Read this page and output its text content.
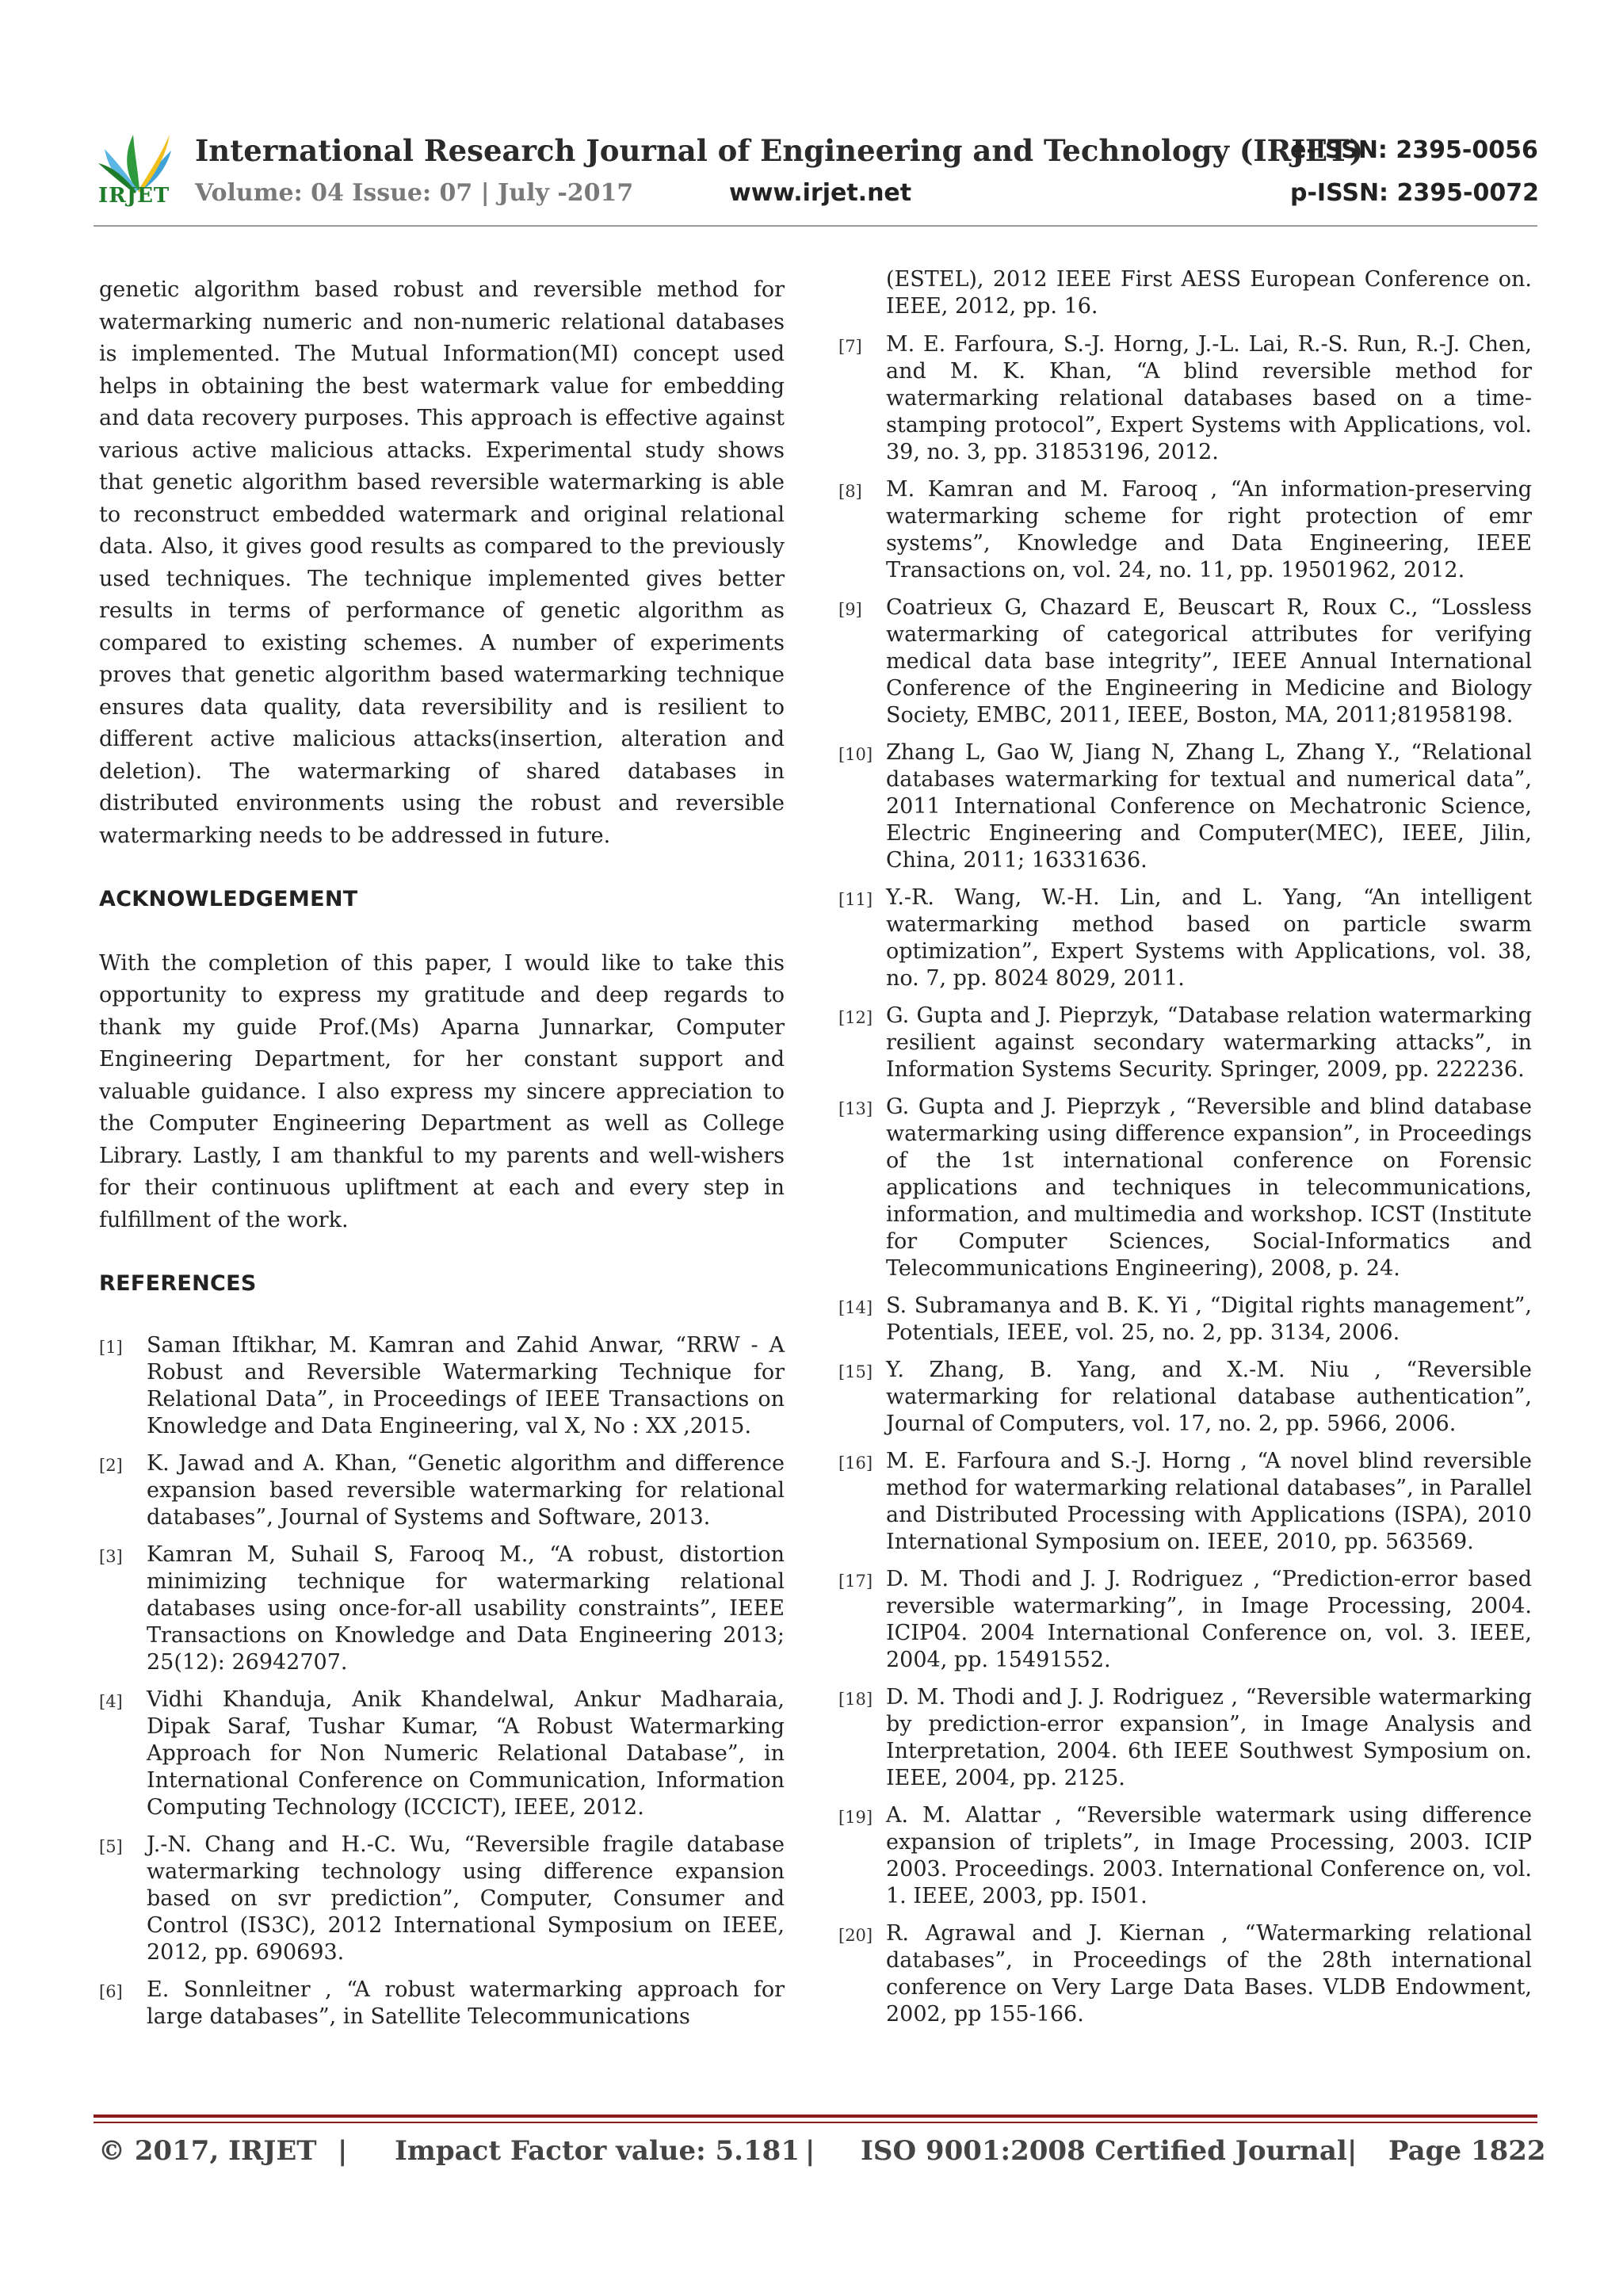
IRJET
International Research Journal of Engineering and Technology (IRJET)
e-ISSN: 2395-0056
Volume: 04 Issue: 07 | July -2017	www.irjet.net	p-ISSN: 2395-0072

genetic algorithm based robust and reversible method for watermarking numeric and non-numeric relational databases is implemented. The Mutual Information(MI) concept used helps in obtaining the best watermark value for embedding and data recovery purposes. This approach is effective against various active malicious attacks. Experimental study shows that genetic algorithm based reversible watermarking is able to reconstruct embedded watermark and original relational data. Also, it gives good results as compared to the previously used techniques. The technique implemented gives better results in terms of performance of genetic algorithm as compared to existing schemes. A number of experiments proves that genetic algorithm based watermarking technique ensures data quality, data reversibility and is resilient to different active malicious attacks(insertion, alteration and deletion). The watermarking of shared databases in distributed environments using the robust and reversible watermarking needs to be addressed in future.

ACKNOWLEDGEMENT

With the completion of this paper, I would like to take this opportunity to express my gratitude and deep regards to thank my guide Prof.(Ms) Aparna Junnarkar, Computer Engineering Department, for her constant support and valuable guidance. I also express my sincere appreciation to the Computer Engineering Department as well as College Library. Lastly, I am thankful to my parents and well-wishers for their continuous upliftment at each and every step in fulfillment of the work.

REFERENCES
[1] Saman Iftikhar, M. Kamran and Zahid Anwar, “RRW - A Robust and Reversible Watermarking Technique for Relational Data”, in Proceedings of IEEE Transactions on Knowledge and Data Engineering, val X, No : XX ,2015.
[2] K. Jawad and A. Khan, “Genetic algorithm and difference expansion based reversible watermarking for relational databases”, Journal of Systems and Software, 2013.
[3] Kamran M, Suhail S, Farooq M., “A robust, distortion minimizing technique for watermarking relational databases using once-for-all usability constraints”, IEEE Transactions on Knowledge and Data Engineering 2013; 25(12): 26942707.
[4] Vidhi Khanduja, Anik Khandelwal, Ankur Madharaia, Dipak Saraf, Tushar Kumar, “A Robust Watermarking Approach for Non Numeric Relational Database”, in International Conference on Communication, Information Computing Technology (ICCICT), IEEE, 2012.
[5] J.-N. Chang and H.-C. Wu, “Reversible fragile database watermarking technology using difference expansion based on svr prediction”, Computer, Consumer and Control (IS3C), 2012 International Symposium on IEEE, 2012, pp. 690693.
[6] E. Sonnleitner , “A robust watermarking approach for large databases”, in Satellite Telecommunications
(ESTEL), 2012 IEEE First AESS European Conference on. IEEE, 2012, pp. 16.
[7] M. E. Farfoura, S.-J. Horng, J.-L. Lai, R.-S. Run, R.-J. Chen, and M. K. Khan, “A blind reversible method for watermarking relational databases based on a time-stamping protocol”, Expert Systems with Applications, vol. 39, no. 3, pp. 31853196, 2012.
[8] M. Kamran and M. Farooq , “An information-preserving watermarking scheme for right protection of emr systems”, Knowledge and Data Engineering, IEEE Transactions on, vol. 24, no. 11, pp. 19501962, 2012.
[9] Coatrieux G, Chazard E, Beuscart R, Roux C., “Lossless watermarking of categorical attributes for verifying medical data base integrity”, IEEE Annual International Conference of the Engineering in Medicine and Biology Society, EMBC, 2011, IEEE, Boston, MA, 2011;81958198.
[10] Zhang L, Gao W, Jiang N, Zhang L, Zhang Y., “Relational databases watermarking for textual and numerical data”, 2011 International Conference on Mechatronic Science, Electric Engineering and Computer(MEC), IEEE, Jilin, China, 2011; 16331636.
[11] Y.-R. Wang, W.-H. Lin, and L. Yang, “An intelligent watermarking method based on particle swarm optimization”, Expert Systems with Applications, vol. 38, no. 7, pp. 8024 8029, 2011.
[12] G. Gupta and J. Pieprzyk, “Database relation watermarking resilient against secondary watermarking attacks”, in Information Systems Security. Springer, 2009, pp. 222236.
[13] G. Gupta and J. Pieprzyk , “Reversible and blind database watermarking using difference expansion”, in Proceedings of the 1st international conference on Forensic applications and techniques in telecommunications, information, and multimedia and workshop. ICST (Institute for Computer Sciences, Social-Informatics and Telecommunications Engineering), 2008, p. 24.
[14] S. Subramanya and B. K. Yi , “Digital rights management”, Potentials, IEEE, vol. 25, no. 2, pp. 3134, 2006.
[15] Y. Zhang, B. Yang, and X.-M. Niu , “Reversible watermarking for relational database authentication”, Journal of Computers, vol. 17, no. 2, pp. 5966, 2006.
[16] M. E. Farfoura and S.-J. Horng , “A novel blind reversible method for watermarking relational databases”, in Parallel and Distributed Processing with Applications (ISPA), 2010 International Symposium on. IEEE, 2010, pp. 563569.
[17] D. M. Thodi and J. J. Rodriguez , “Prediction-error based reversible watermarking”, in Image Processing, 2004. ICIP04. 2004 International Conference on, vol. 3. IEEE, 2004, pp. 15491552.
[18] D. M. Thodi and J. J. Rodriguez , “Reversible watermarking by prediction-error expansion”, in Image Analysis and Interpretation, 2004. 6th IEEE Southwest Symposium on. IEEE, 2004, pp. 2125.
[19] A. M. Alattar , “Reversible watermark using difference expansion of triplets”, in Image Processing, 2003. ICIP 2003. Proceedings. 2003. International Conference on, vol. 1. IEEE, 2003, pp. I501.
[20] R. Agrawal and J. Kiernan , “Watermarking relational databases”, in Proceedings of the 28th international conference on Very Large Data Bases. VLDB Endowment, 2002, pp 155-166.
© 2017, IRJET | Impact Factor value: 5.181 | ISO 9001:2008 Certified Journal | Page 1822
